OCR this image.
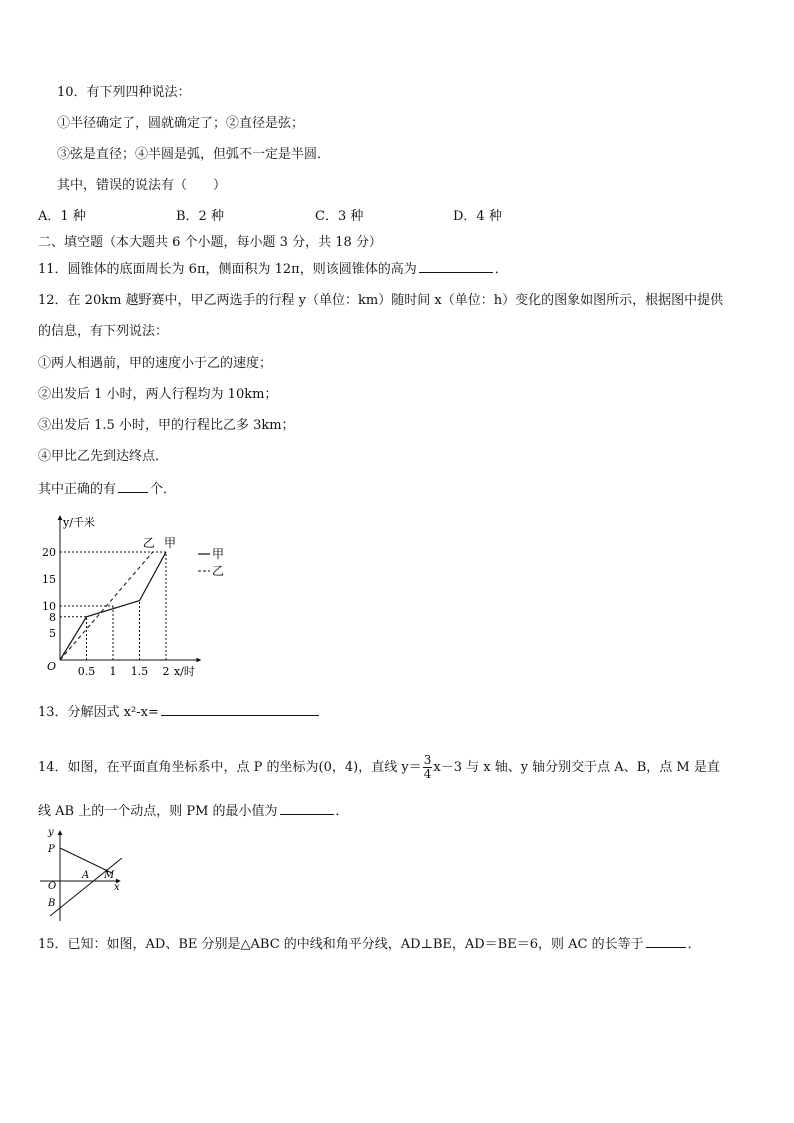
10．有下列四种说法：
①半径确定了，圆就确定了；②直径是弦；
③弦是直径；④半圆是弧，但弧不一定是半圆．
其中，错误的说法有（　　）
A．1 种	B．2 种	C．3 种	D．4 种
二、填空题（本大题共 6 个小题，每小题 3 分，共 18 分）
11．圆锥体的底面周长为 6π，侧面积为 12π，则该圆锥体的高为	．
12．在 20km 越野赛中，甲乙两选手的行程 y（单位：km）随时间 x（单位：h）变化的图象如图所示，根据图中提供
的信息，有下列说法：
①两人相遇前，甲的速度小于乙的速度；
②出发后 1 小时，两人行程均为 10km；
③出发后 1.5 小时，甲的行程比乙多 3km；
④甲比乙先到达终点．
其中正确的有	个．
y/千米
x/时
O
5
8
10
15
20
0.5 1 1.5 2
乙 甲
甲
乙
13．分解因式 x²-x=
14．如图，在平面直角坐标系中，点 P 的坐标为(0，4)，直线 $y= \frac{3}{4} x-3$ 与 x 轴、y 轴分别交于点 A、B，点 M 是直
线 AB 上的一个动点，则 PM 的最小值为	．
y
P
O
A M
x
B
15．已知：如图，AD、BE 分别是△ABC 的中线和角平分线，AD⊥BE，AD＝BE＝6，则 AC 的长等于	．
